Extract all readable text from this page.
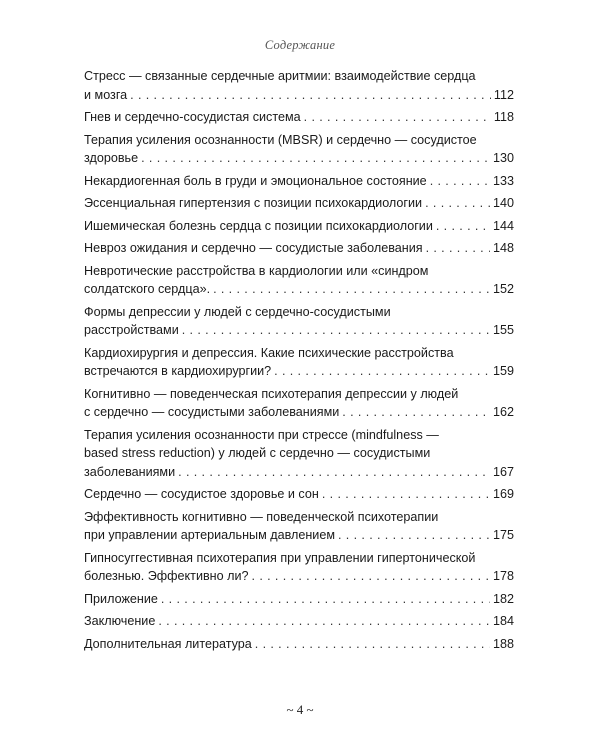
Содержание
Стресс — связанные сердечные аритмии: взаимодействие сердца
и мозга . . .	112
Гнев и сердечно-сосудистая система . . .	118
Терапия усиления осознанности (MBSR) и сердечно — сосудистое
здоровье . . .	130
Некардиогенная боль в груди и эмоциональное состояние . . .	133
Эссенциальная гипертензия с позиции психокардиологии . . .	140
Ишемическая болезнь сердца с позиции психокардиологии . . .	144
Невроз ожидания и сердечно — сосудистые заболевания . . .	148
Невротические расстройства в кардиологии или «синдром
солдатского сердца». . . .	152
Формы депрессии у людей с сердечно-сосудистыми
расстройствами . . .	155
Кардиохирургия и депрессия. Какие психические расстройства
встречаются в кардиохирургии? . . .	159
Когнитивно — поведенческая психотерапия депрессии у людей
с сердечно — сосудистыми заболеваниями . . .	162
Терапия усиления осознанности при стрессе (mindfulness —
based stress reduction) у людей с сердечно — сосудистыми
заболеваниями . . .	167
Сердечно — сосудистое здоровье и сон . . .	169
Эффективность когнитивно — поведенческой психотерапии
при управлении артериальным давлением . . .	175
Гипносуггестивная психотерапия при управлении гипертонической
болезнью. Эффективно ли? . . .	178
Приложение . . .	182
Заключение . . .	184
Дополнительная литература . . .	188
~ 4 ~
